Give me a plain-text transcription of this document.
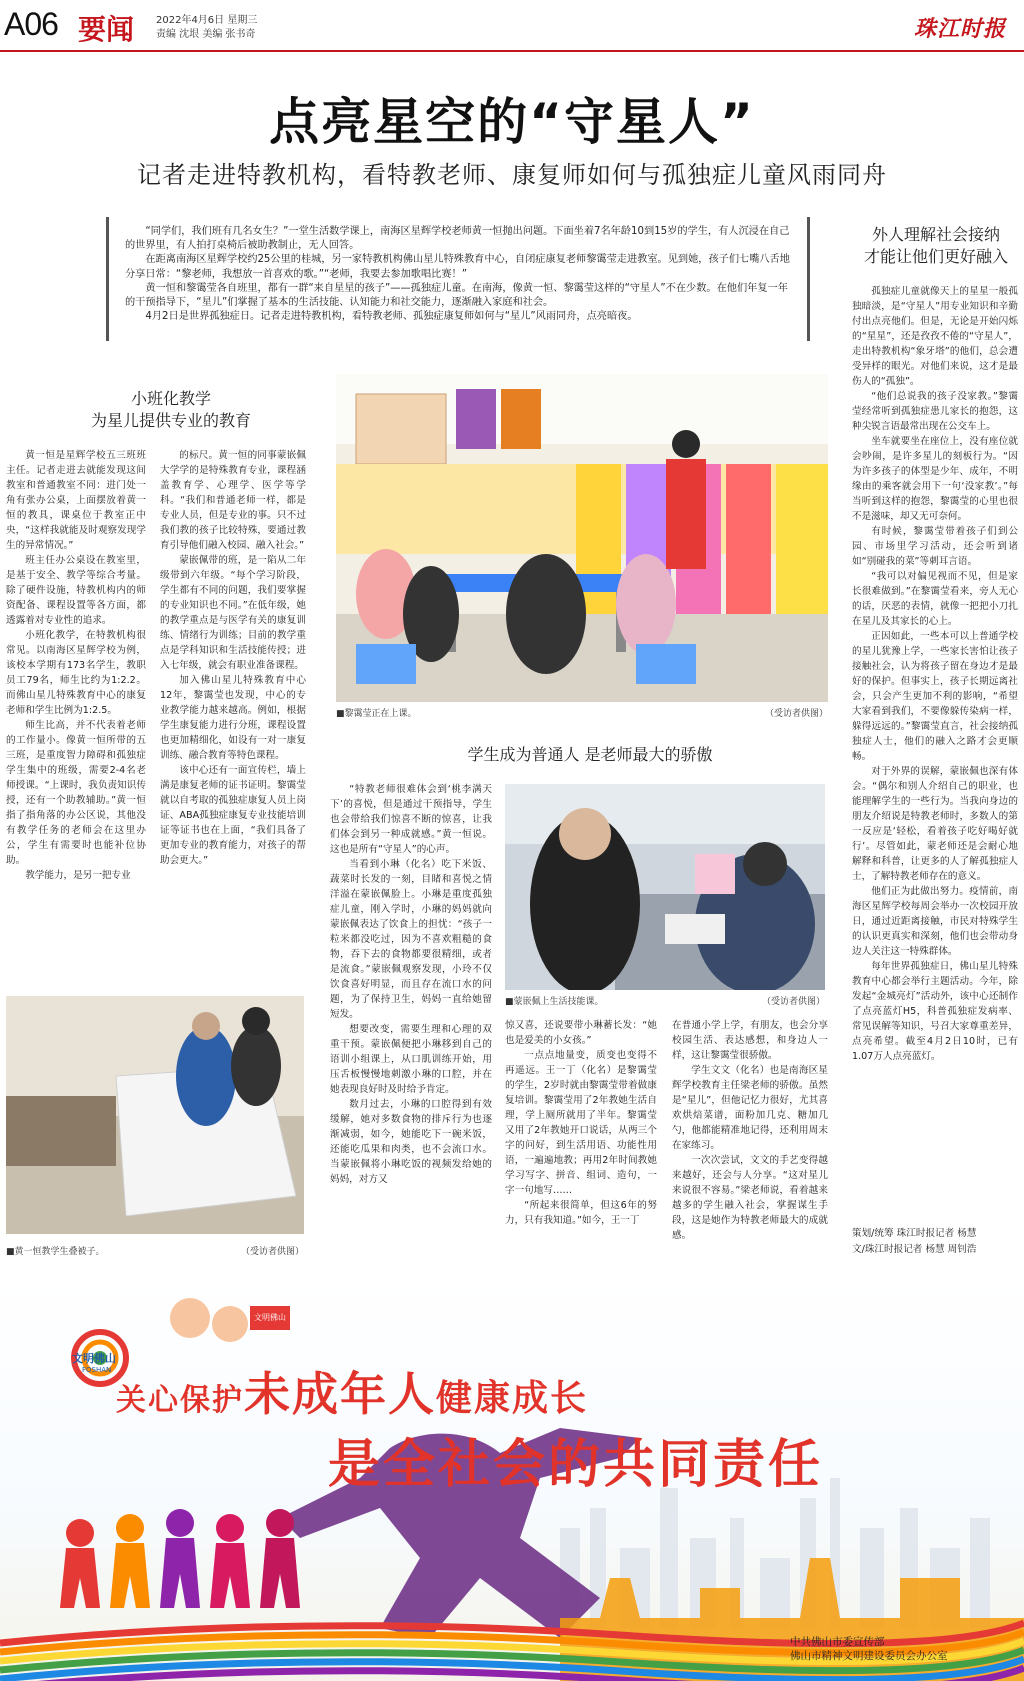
A06 要闻 2022年4月6日 星期三
责编 沈垠 美编 张书奇	珠江时报
点亮星空的“守星人”
记者走进特教机构，看特教老师、康复师如何与孤独症儿童风雨同舟

“同学们，我们班有几名女生？”一堂生活数学课上，南海区星辉学校老师黄一恒抛出问题。下面坐着7名年龄10到15岁的学生，有人沉浸在自己的世界里，有人拍打桌椅后被助教制止，无人回答。

在距离南海区星辉学校约25公里的桂城，另一家特教机构佛山星儿特殊教育中心，自闭症康复老师黎霭莹走进教室。见到她，孩子们七嘴八舌地分享日常：“黎老师，我想放一首喜欢的歌。”“老师，我要去参加歌唱比赛！”

黄一恒和黎霭莹各自班里，都有一群“来自星星的孩子”——孤独症儿童。在南海，像黄一恒、黎霭莹这样的“守星人”不在少数。在他们年复一年的干预指导下，“星儿”们掌握了基本的生活技能、认知能力和社交能力，逐渐融入家庭和社会。

4月2日是世界孤独症日。记者走进特教机构，看特教老师、孤独症康复师如何与“星儿”风雨同舟，点亮暗夜。

小班化教学
为星儿提供专业的教育

黄一恒是星辉学校五三班班主任。记者走进去就能发现这间教室和普通教室不同：进门处一角有张办公桌，上面摆放着黄一恒的教具，课桌位于教室正中央，“这样我就能及时观察发现学生的异常情况。”

班主任办公桌设在教室里，是基于安全、教学等综合考量。除了硬件设施，特教机构内的师资配备、课程设置等各方面，都透露着对专业性的追求。

小班化教学，在特教机构很常见。以南海区星辉学校为例，该校本学期有173名学生，教职员工79名，师生比约为1:2.2。而佛山星儿特殊教育中心的康复老师和学生比例为1:2.5。

师生比高，并不代表着老师的工作量小。像黄一恒所带的五三班，是重度智力障碍和孤独症学生集中的班级，需要2-4名老师授课。“上课时，我负责知识传授，还有一个助教辅助。”黄一恒指了指角落的办公区说，其他没有教学任务的老师会在这里办公，学生有需要时也能补位协助。

教学能力，是另一把专业

的标尺。黄一恒的同事蒙嵌佩大学学的是特殊教育专业，课程涵盖教育学、心理学、医学等学科。“我们和普通老师一样，都是专业人员，但是专业的事。只不过我们教的孩子比较特殊，要通过教育引导他们融入校园、融入社会。”

蒙嵌佩带的班，是一陷从二年级带到六年级。“每个学习阶段，学生都有不同的问题，我们要掌握的专业知识也不同。”在低年级，她的教学重点是与医学有关的康复训练、情绪行为训练；目前的教学重点是学科知识和生活技能传授；进入七年级，就会有职业准备课程。

加入佛山星儿特殊教育中心12年，黎霭莹也发现，中心的专业教学能力越来越高。例如，根据学生康复能力进行分班，课程设置也更加精细化，如设有一对一康复训练、融合教育等特色课程。

该中心还有一面宣传栏，墙上满是康复老师的证书证明。黎霭莹就以自考取的孤独症康复人员上岗证、ABA孤独症康复专业技能培训证等证书也在上面，“我们具备了更加专业的教育能力，对孩子的帮助会更大。”

■黎霭莹正在上课。	（受访者供图）
■黄一恒教学生叠被子。	（受访者供图）
学生成为普通人 是老师最大的骄傲

“特教老师很难体会到‘桃李满天下’的喜悦，但是通过干预指导，学生也会带给我们惊喜不断的惊喜，让我们体会到另一种成就感。”黄一恒说。这也是所有“守星人”的心声。

当看到小琳（化名）吃下米饭、蔬菜时长发的一刻，目睹和喜悦之情洋溢在蒙嵌佩脸上。小琳是重度孤独症儿童，刚入学时，小琳的妈妈就向蒙嵌佩表达了饮食上的担忧：“孩子一粒米都没吃过，因为不喜欢粗糙的食物，吞下去的食物都要很精细，或者是流食。”蒙嵌佩观察发现，小玲不仅饮食喜好明显，而且存在流口水的问题，为了保持卫生，妈妈一直给她留短发。

想要改变，需要生理和心理的双重干预。蒙嵌佩便把小琳移到自己的语训小组课上，从口肌训练开始，用压舌板慢慢地刺激小琳的口腔，并在她表现良好时及时给予肯定。

数月过去，小琳的口腔得到有效缓解，她对多数食物的排斥行为也逐渐减弱，如今，她能吃下一碗米饭，还能吃瓜果和肉类，也不会流口水。当蒙嵌佩将小琳吃饭的视频发给她的妈妈，对方又

■蒙嵌佩上生活技能课。	（受访者供图）

惊又喜，还说要带小琳蓄长发：“她也是爱美的小女孩。”

一点点地量变，质变也变得不再遥远。王一丁（化名）是黎霭莹的学生，2岁时就由黎霭莹带着做康复培训。黎霭莹用了2年教她生活自理，学上厕所就用了半年。黎霭莹又用了2年教她开口说话，从两三个字的问好，到生活用语、功能性用语，一遍遍地教；再用2年时间教她学习写字、拼音、组词、造句，一字一句地写……

“所起来很简单，但这6年的努力，只有我知道。”如今，王一丁

在普通小学上学，有朋友，也会分享校园生活、表达感想，和身边人一样，这让黎霭莹很骄傲。

学生文文（化名）也是南海区星辉学校教育主任梁老师的骄傲。虽然是“星儿”，但他记忆力很好，尤其喜欢烘焙菜谱，面粉加几克、糖加几勺，他都能精准地记得，还利用周末在家练习。

一次次尝试，文文的手艺变得越来越好，还会与人分享。“这对星儿来说很不容易。”梁老师说，看着越来越多的学生融入社会，掌握谋生手段，这是她作为特教老师最大的成就感。

外人理解社会接纳
才能让他们更好融入

孤独症儿童就像天上的星星一般孤独暗淡，是“守星人”用专业知识和辛勤付出点亮他们。但是，无论是开始闪烁的“星星”，还是孜孜不倦的“守星人”，走出特教机构“象牙塔”的他们，总会遭受异样的眼光。对他们来说，这才是最伤人的“孤独”。

“他们总说我的孩子没家教。”黎霭莹经常听到孤独症患儿家长的抱怨，这种尖锐言语最常出现在公交车上。

坐车就要坐在座位上，没有座位就会吵闹，是许多星儿的刻板行为。“因为许多孩子的体型是少年、成年，不明缘由的乘客就会用下一句‘没家教’。”每当听到这样的抱怨，黎霭莹的心里也很不是滋味，却又无可奈何。

有时候，黎霭莹带着孩子们到公园、市场里学习活动，还会听到诸如“别碰我的菜”等刺耳言语。

“我可以对偏见视而不见，但是家长很难做到。”在黎霭莹看来，旁人无心的话，厌恶的表情，就像一把把小刀扎在星儿及其家长的心上。

正因如此，一些本可以上普通学校的星儿犹豫上学，一些家长害怕让孩子接触社会，认为将孩子留在身边才是最好的保护。但事实上，孩子长期远离社会，只会产生更加不利的影响，“希望大家看到我们，不要像躲传染病一样，躲得远远的。”黎霭莹直言，社会接纳孤独症人士，他们的融入之路才会更顺畅。

对于外界的误解，蒙嵌佩也深有体会。“偶尔和别人介绍自己的职业，也能理解学生的一些行为。当我向身边的朋友介绍说是特教老师时，多数人的第一反应是‘轻松，看着孩子吃好喝好就行’。尽管如此，蒙老师还是会耐心地解释和科普，让更多的人了解孤独症人士，了解特教老师存在的意义。

他们正为此做出努力。疫情前，南海区星辉学校每周会举办一次校园开放日，通过近距离接触，市民对特殊学生的认识更真实和深刻，他们也会带动身边人关注这一特殊群体。

每年世界孤独症日，佛山星儿特殊教育中心都会举行主题活动。今年，除发起“金城亮灯”活动外，该中心还制作了点亮蓝灯H5，科普孤独症发病率、常见误解等知识，号召大家尊重差异，点亮希望。截至4月2日10时，已有1.07万人点亮蓝灯。

策划/统筹 珠江时报记者 杨慧
文/珠江时报记者 杨慧 周钊浩
文明佛山
FOSHAN
文明佛山
关心保护未成年人健康成长
是全社会的共同责任
中共佛山市委宣传部
佛山市精神文明建设委员会办公室
